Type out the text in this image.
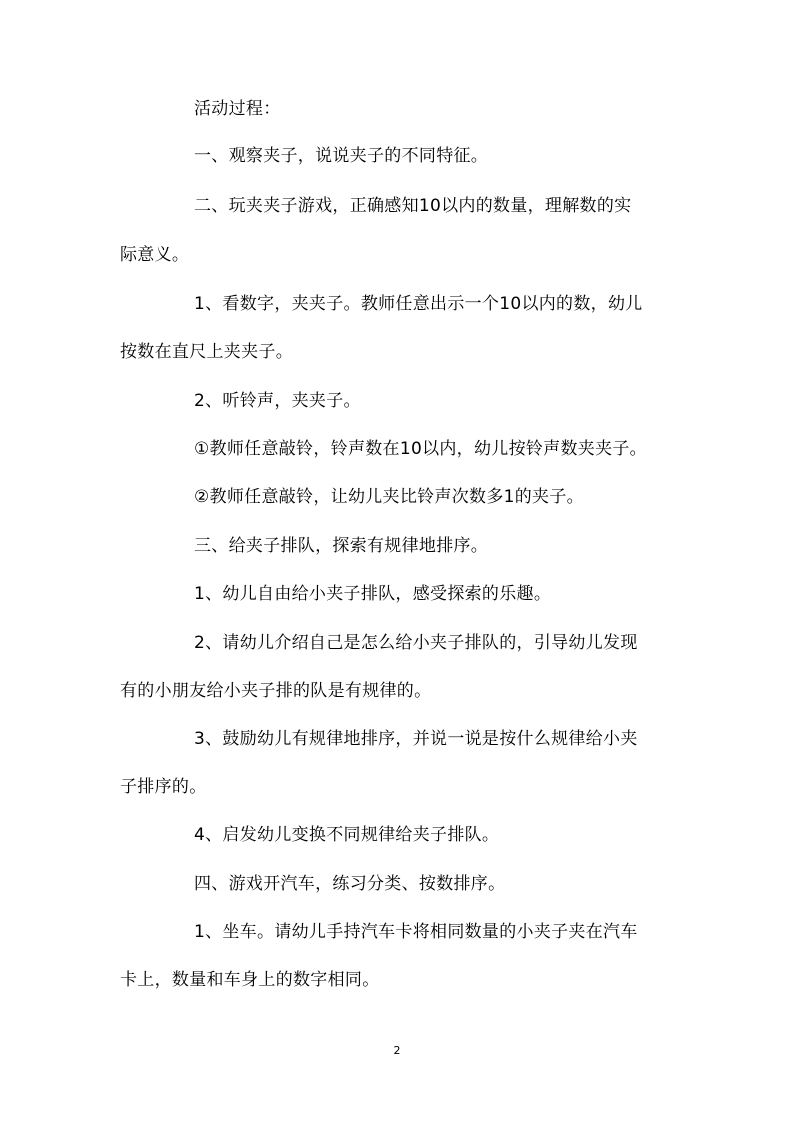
活动过程：
一、观察夹子，说说夹子的不同特征。
二、玩夹夹子游戏，正确感知10以内的数量，理解数的实
际意义。
1、看数字，夹夹子。教师任意出示一个10以内的数，幼儿
按数在直尺上夹夹子。
2、听铃声，夹夹子。
①教师任意敲铃，铃声数在10以内，幼儿按铃声数夹夹子。
②教师任意敲铃，让幼儿夹比铃声次数多1的夹子。
三、给夹子排队，探索有规律地排序。
1、幼儿自由给小夹子排队，感受探索的乐趣。
2、请幼儿介绍自己是怎么给小夹子排队的，引导幼儿发现
有的小朋友给小夹子排的队是有规律的。
3、鼓励幼儿有规律地排序，并说一说是按什么规律给小夹
子排序的。
4、启发幼儿变换不同规律给夹子排队。
四、游戏开汽车，练习分类、按数排序。
1、坐车。请幼儿手持汽车卡将相同数量的小夹子夹在汽车
卡上，数量和车身上的数字相同。
2
